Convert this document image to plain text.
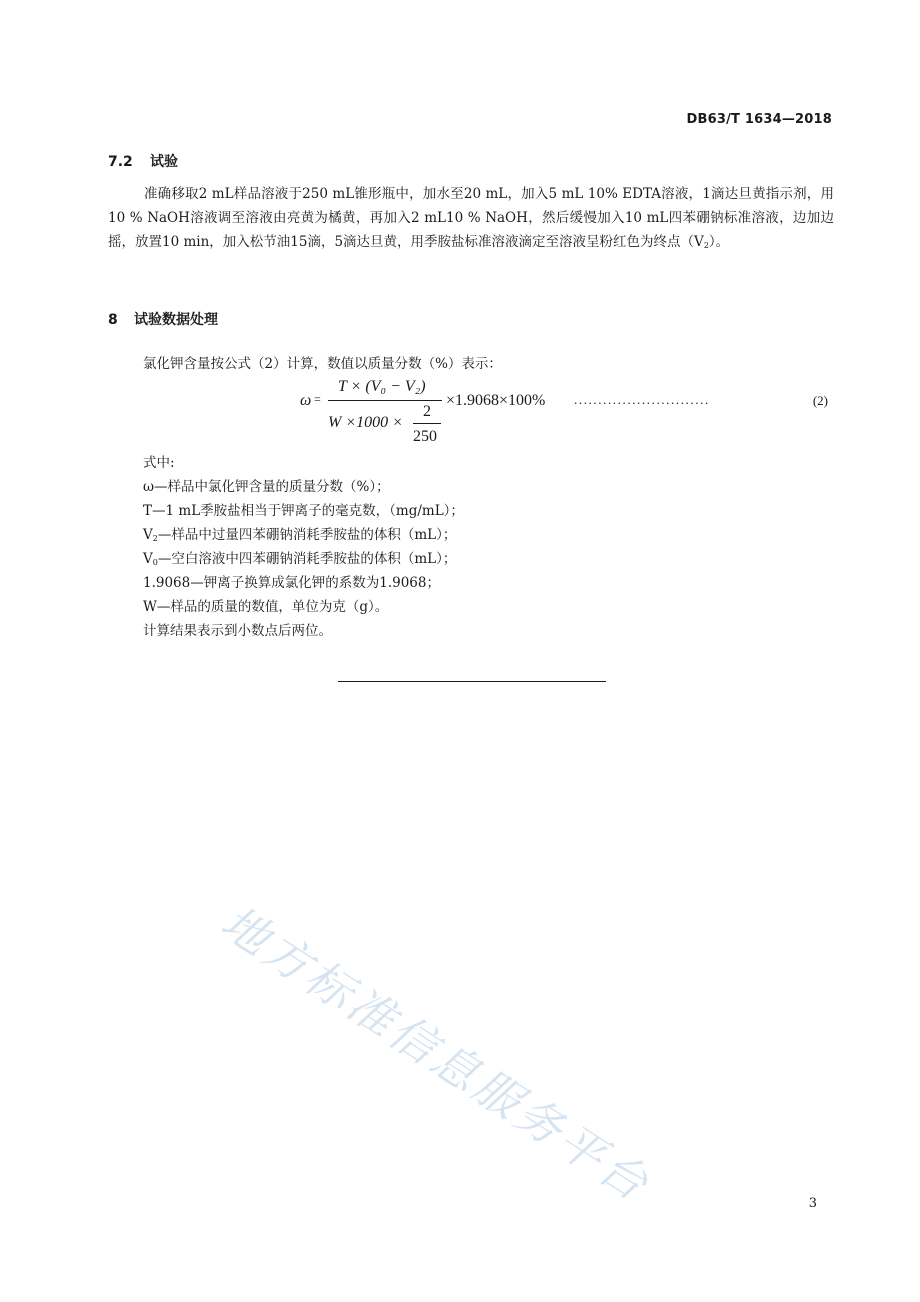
DB63/T 1634—2018
7.2 试验
准确移取2 mL样品溶液于250 mL锥形瓶中，加水至20 mL，加入5 mL 10% EDTA溶液，1滴达旦黄指示剂，用10 % NaOH溶液调至溶液由亮黄为橘黄，再加入2 mL10 % NaOH，然后缓慢加入10 mL四苯硼钠标准溶液，边加边摇，放置10 min，加入松节油15滴，5滴达旦黄，用季胺盐标准溶液滴定至溶液呈粉红色为终点$(V_2)$。
8 试验数据处理
氯化钾含量按公式（2）计算，数值以质量分数（%）表示：
ω =
T × (V₀ − V₂)
W ×1000 ×
2
250
×1.9068×100% ............................	(2)
式中:
ω—样品中氯化钾含量的质量分数（%）；
T—1 mL季胺盐相当于钾离子的毫克数，（mg/mL）；
$V_2—$样品中过量四苯硼钠消耗季胺盐的体积（mL）；
$V_0—$空白溶液中四苯硼钠消耗季胺盐的体积（mL）；
1.9068—钾离子换算成氯化钾的系数为1.9068；
W—样品的质量的数值，单位为克（g）。
计算结果表示到小数点后两位。
地方标准信息服务平台	3
